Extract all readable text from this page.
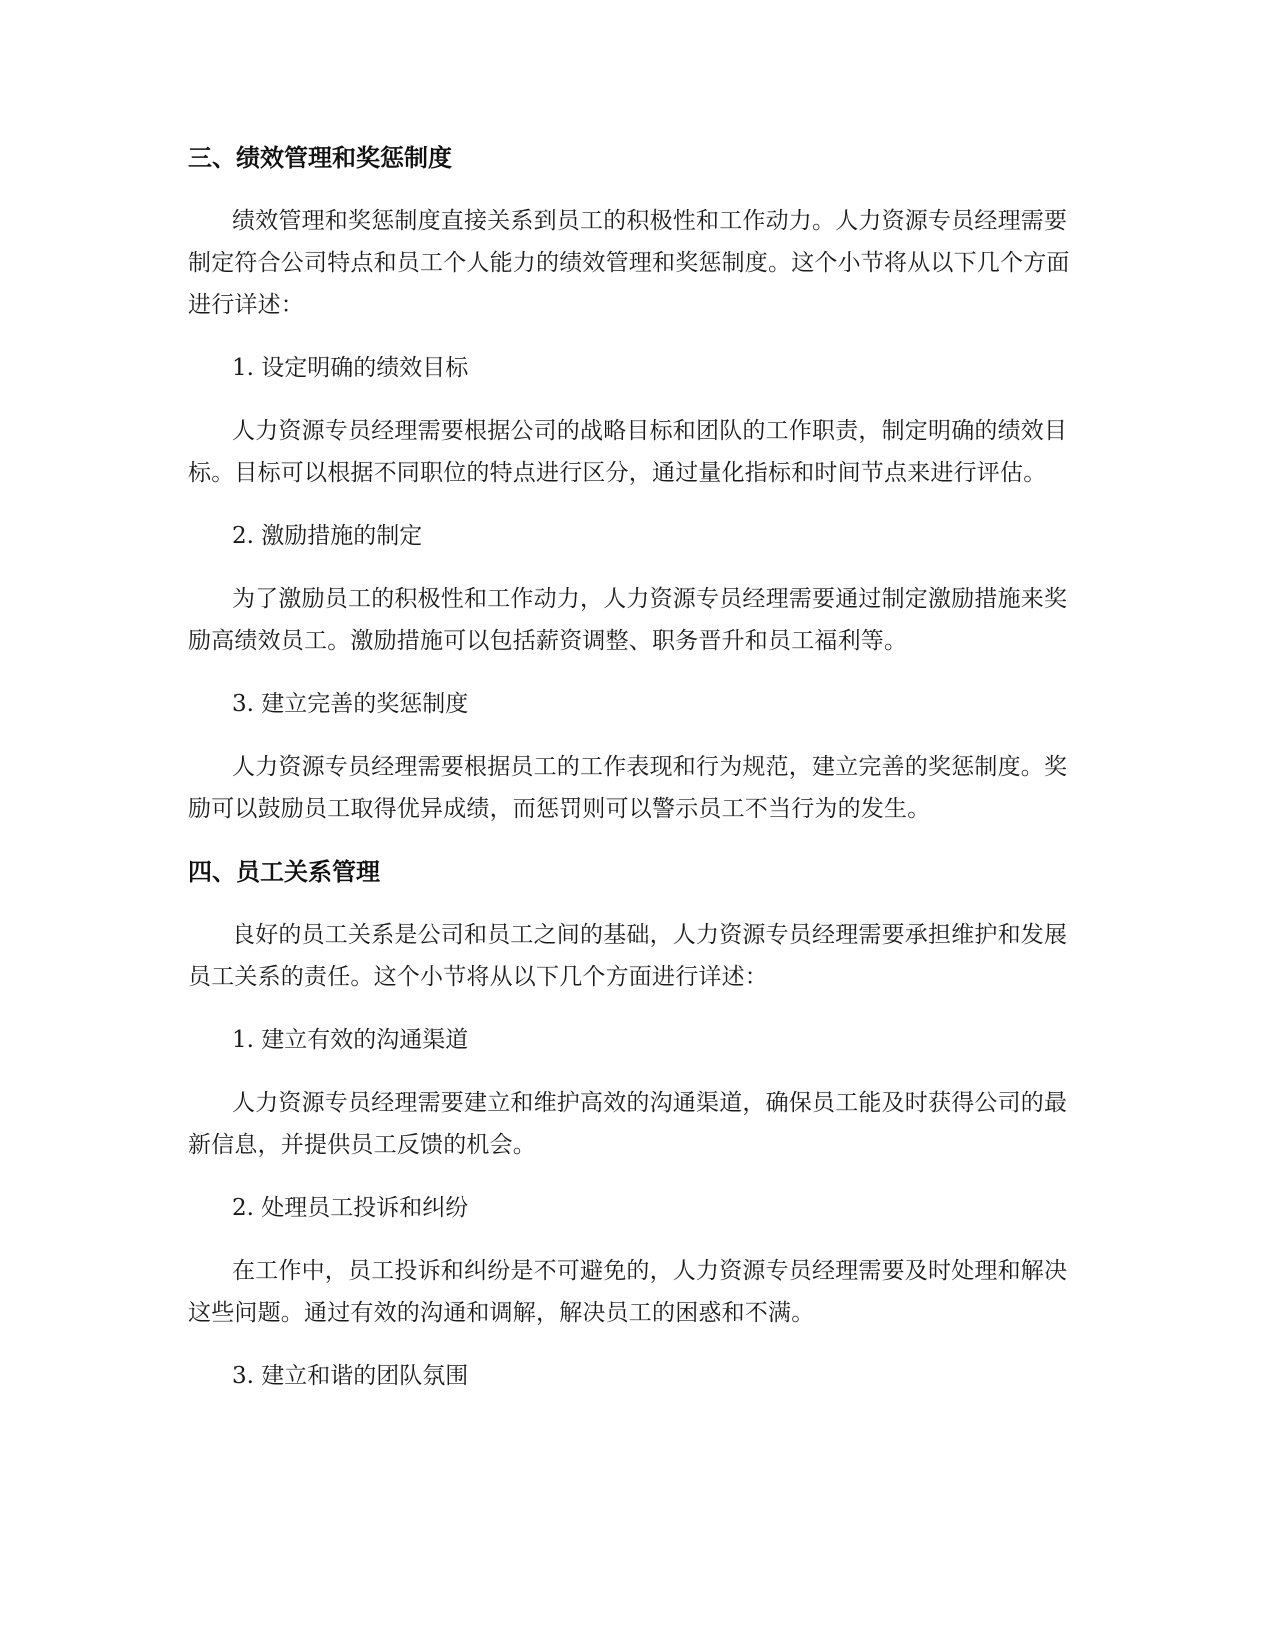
三、绩效管理和奖惩制度

绩效管理和奖惩制度直接关系到员工的积极性和工作动力。人力资源专员经理需要制定符合公司特点和员工个人能力的绩效管理和奖惩制度。这个小节将从以下几个方面进行详述：

1. 设定明确的绩效目标

人力资源专员经理需要根据公司的战略目标和团队的工作职责，制定明确的绩效目标。目标可以根据不同职位的特点进行区分，通过量化指标和时间节点来进行评估。

2. 激励措施的制定

为了激励员工的积极性和工作动力，人力资源专员经理需要通过制定激励措施来奖励高绩效员工。激励措施可以包括薪资调整、职务晋升和员工福利等。

3. 建立完善的奖惩制度

人力资源专员经理需要根据员工的工作表现和行为规范，建立完善的奖惩制度。奖励可以鼓励员工取得优异成绩，而惩罚则可以警示员工不当行为的发生。

四、员工关系管理

良好的员工关系是公司和员工之间的基础，人力资源专员经理需要承担维护和发展员工关系的责任。这个小节将从以下几个方面进行详述：

1. 建立有效的沟通渠道

人力资源专员经理需要建立和维护高效的沟通渠道，确保员工能及时获得公司的最新信息，并提供员工反馈的机会。

2. 处理员工投诉和纠纷

在工作中，员工投诉和纠纷是不可避免的，人力资源专员经理需要及时处理和解决这些问题。通过有效的沟通和调解，解决员工的困惑和不满。

3. 建立和谐的团队氛围
